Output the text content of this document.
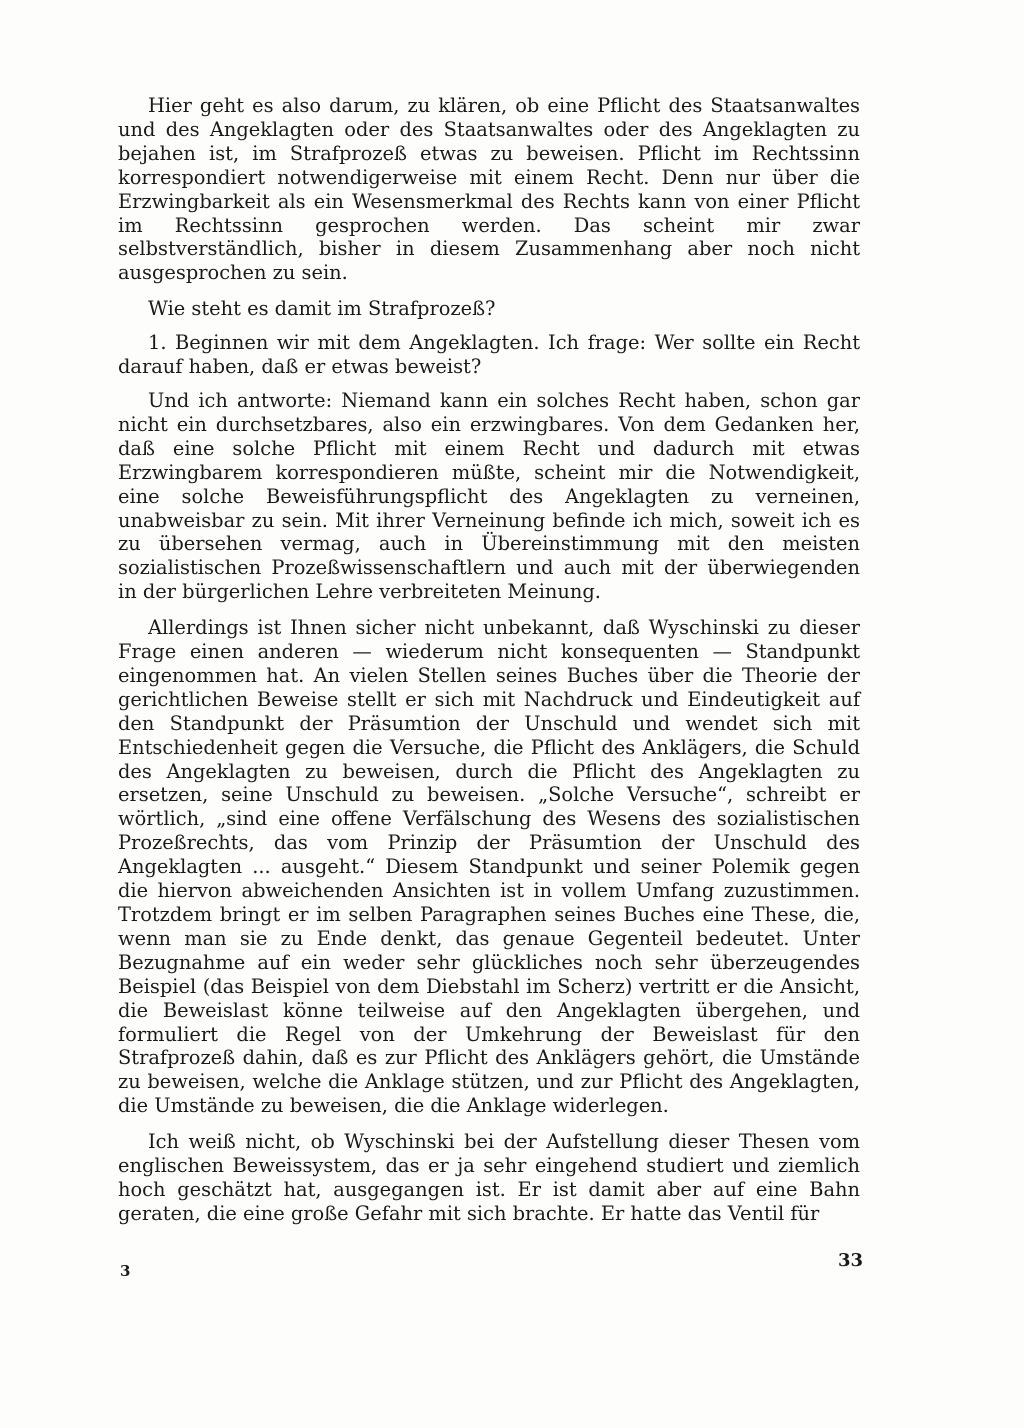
Hier geht es also darum, zu klären, ob eine Pflicht des Staatsanwaltes und des Angeklagten oder des Staatsanwaltes oder des Angeklagten zu bejahen ist, im Strafprozeß etwas zu beweisen. Pflicht im Rechtssinn korrespondiert notwendigerweise mit einem Recht. Denn nur über die Erzwingbarkeit als ein Wesensmerkmal des Rechts kann von einer Pflicht im Rechtssinn gesprochen werden. Das scheint mir zwar selbstverständlich, bisher in diesem Zusammenhang aber noch nicht ausgesprochen zu sein.

Wie steht es damit im Strafprozeß?

1. Beginnen wir mit dem Angeklagten. Ich frage: Wer sollte ein Recht darauf haben, daß er etwas beweist?

Und ich antworte: Niemand kann ein solches Recht haben, schon gar nicht ein durchsetzbares, also ein erzwingbares. Von dem Gedanken her, daß eine solche Pflicht mit einem Recht und dadurch mit etwas Erzwingbarem korrespondieren müßte, scheint mir die Notwendigkeit, eine solche Beweisführungspflicht des Angeklagten zu verneinen, unabweisbar zu sein. Mit ihrer Verneinung befinde ich mich, soweit ich es zu übersehen vermag, auch in Übereinstimmung mit den meisten sozialistischen Prozeßwissenschaftlern und auch mit der überwiegenden in der bürgerlichen Lehre verbreiteten Meinung.

Allerdings ist Ihnen sicher nicht unbekannt, daß Wyschinski zu dieser Frage einen anderen — wiederum nicht konsequenten — Standpunkt eingenommen hat. An vielen Stellen seines Buches über die Theorie der gerichtlichen Beweise stellt er sich mit Nachdruck und Eindeutigkeit auf den Standpunkt der Präsumtion der Unschuld und wendet sich mit Entschiedenheit gegen die Versuche, die Pflicht des Anklägers, die Schuld des Angeklagten zu beweisen, durch die Pflicht des Angeklagten zu ersetzen, seine Unschuld zu beweisen. „Solche Versuche“, schreibt er wörtlich, „sind eine offene Verfälschung des Wesens des sozialistischen Prozeßrechts, das vom Prinzip der Präsumtion der Unschuld des Angeklagten ... ausgeht.“ Diesem Standpunkt und seiner Polemik gegen die hiervon abweichenden Ansichten ist in vollem Umfang zuzustimmen. Trotzdem bringt er im selben Paragraphen seines Buches eine These, die, wenn man sie zu Ende denkt, das genaue Gegenteil bedeutet. Unter Bezugnahme auf ein weder sehr glückliches noch sehr überzeugendes Beispiel (das Beispiel von dem Diebstahl im Scherz) vertritt er die Ansicht, die Beweislast könne teilweise auf den Angeklagten übergehen, und formuliert die Regel von der Umkehrung der Beweislast für den Strafprozeß dahin, daß es zur Pflicht des Anklägers gehört, die Umstände zu beweisen, welche die Anklage stützen, und zur Pflicht des Angeklagten, die Umstände zu beweisen, die die Anklage widerlegen.

Ich weiß nicht, ob Wyschinski bei der Aufstellung dieser Thesen vom englischen Beweissystem, das er ja sehr eingehend studiert und ziemlich hoch geschätzt hat, ausgegangen ist. Er ist damit aber auf eine Bahn geraten, die eine große Gefahr mit sich brachte. Er hatte das Ventil für

3	33
